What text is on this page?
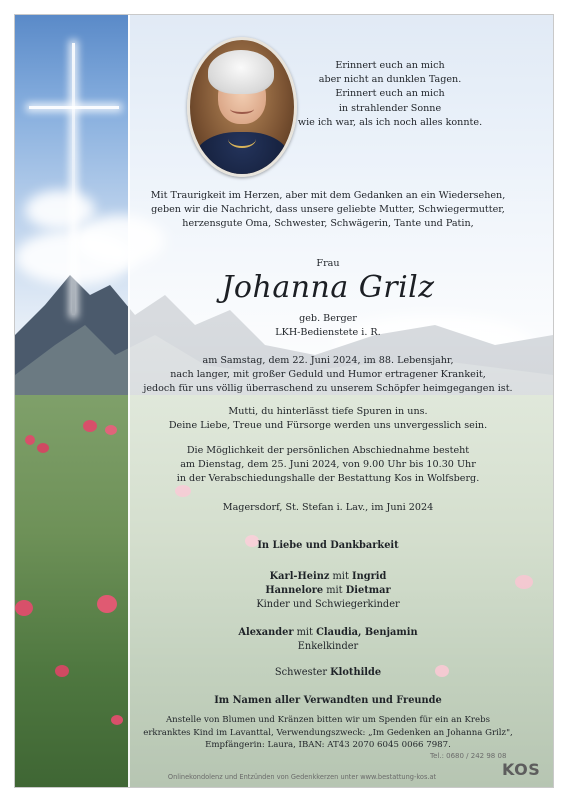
Erinnert euch an mich
aber nicht an dunklen Tagen.
Erinnert euch an mich
in strahlender Sonne
wie ich war, als ich noch alles konnte.
Mit Traurigkeit im Herzen, aber mit dem Gedanken an ein Wiedersehen,
geben wir die Nachricht, dass unsere geliebte Mutter, Schwiegermutter,
herzensgute Oma, Schwester, Schwägerin, Tante und Patin,
Frau
Johanna Grilz
geb. Berger
LKH-Bedienstete i. R.
am Samstag, dem 22. Juni 2024, im 88. Lebensjahr,
nach langer, mit großer Geduld und Humor ertragener Krankeit,
jedoch für uns völlig überraschend zu unserem Schöpfer heimgegangen ist.
Mutti, du hinterlässt tiefe Spuren in uns.
Deine Liebe, Treue und Fürsorge werden uns unvergesslich sein.
Die Möglichkeit der persönlichen Abschiednahme besteht
am Dienstag, dem 25. Juni 2024, von 9.00 Uhr bis 10.30 Uhr
in der Verabschiedungshalle der Bestattung Kos in Wolfsberg.
Magersdorf, St. Stefan i. Lav., im Juni 2024
In Liebe und Dankbarkeit
Karl-Heinz mit Ingrid
Hannelore mit Dietmar
Kinder und Schwiegerkinder
Alexander mit Claudia, Benjamin
Enkelkinder
Schwester Klothilde
Im Namen aller Verwandten und Freunde
Anstelle von Blumen und Kränzen bitten wir um Spenden für ein an Krebs
erkranktes Kind im Lavanttal, Verwendungszweck: „Im Gedenken an Johanna Grilz",
Empfängerin: Laura, IBAN: AT43 2070 6045 0066 7987.
Tel.: 0680 / 242 98 08
Onlinekondolenz und Entzünden von Gedenkkerzen unter www.bestattung-kos.at	KOS
